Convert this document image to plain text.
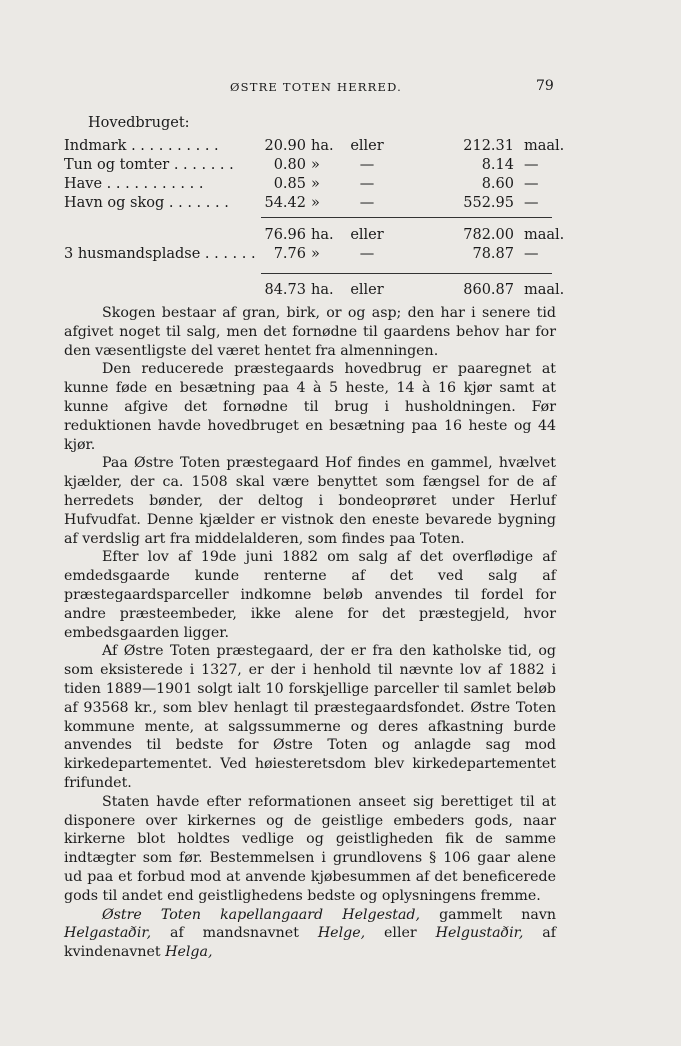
ØSTRE TOTEN HERRED.	79
Hovedbruget:
Indmark . . . . . . . . . .	20.90 ha. eller	212.31 maal.
Tun og tomter . . . . . . .	0.80 »	—	8.14 —
Have . . . . . . . . . . .	0.85 »	—	8.60 —
Havn og skog . . . . . . . 54.42 »	—	552.95 —
76.96 ha. eller	782.00 maal.
3 husmandspladse . . . . . . 7.76 »	—	78.87 —
84.73 ha. eller	860.87 maal.

Skogen bestaar af gran, birk, or og asp; den har i senere tid afgivet noget til salg, men det fornødne til gaardens behov har for den væsentligste del været hentet fra almenningen.

Den reducerede præstegaards hovedbrug er paaregnet at kunne føde en besætning paa 4 à 5 heste, 14 à 16 kjør samt at kunne afgive det fornødne til brug i husholdningen. Før reduktionen havde hovedbruget en besætning paa 16 heste og 44 kjør.

Paa Østre Toten præstegaard Hof findes en gammel, hvælvet kjælder, der ca. 1508 skal være benyttet som fængsel for de af herredets bønder, der deltog i bondeoprøret under Herluf Hufvudfat. Denne kjælder er vistnok den eneste bevarede bygning af verdslig art fra middelalderen, som findes paa Toten.

Efter lov af 19de juni 1882 om salg af det overflødige af emdedsgaarde kunde renterne af det ved salg af præstegaardsparceller indkomne beløb anvendes til fordel for andre præsteembeder, ikke alene for det præstegjeld, hvor embedsgaarden ligger.

Af Østre Toten præstegaard, der er fra den katholske tid, og som eksisterede i 1327, er der i henhold til nævnte lov af 1882 i tiden 1889—1901 solgt ialt 10 forskjellige parceller til samlet beløb af 93568 kr., som blev henlagt til præstegaardsfondet. Østre Toten kommune mente, at salgssummerne og deres afkastning burde anvendes til bedste for Østre Toten og anlagde sag mod kirkedepartementet. Ved høiesteretsdom blev kirkedepartementet frifundet.

Staten havde efter reformationen anseet sig berettiget til at disponere over kirkernes og de geistlige embeders gods, naar kirkerne blot holdtes vedlige og geistligheden fik de samme indtægter som før. Bestemmelsen i grundlovens § 106 gaar alene ud paa et forbud mod at anvende kjøbesummen af det beneficerede gods til andet end geistlighedens bedste og oplysningens fremme.

Østre Toten kapellangaard Helgestad, gammelt navn Helgastaðir, af mandsnavnet Helge, eller Helgustaðir, af kvindenavnet Helga,
